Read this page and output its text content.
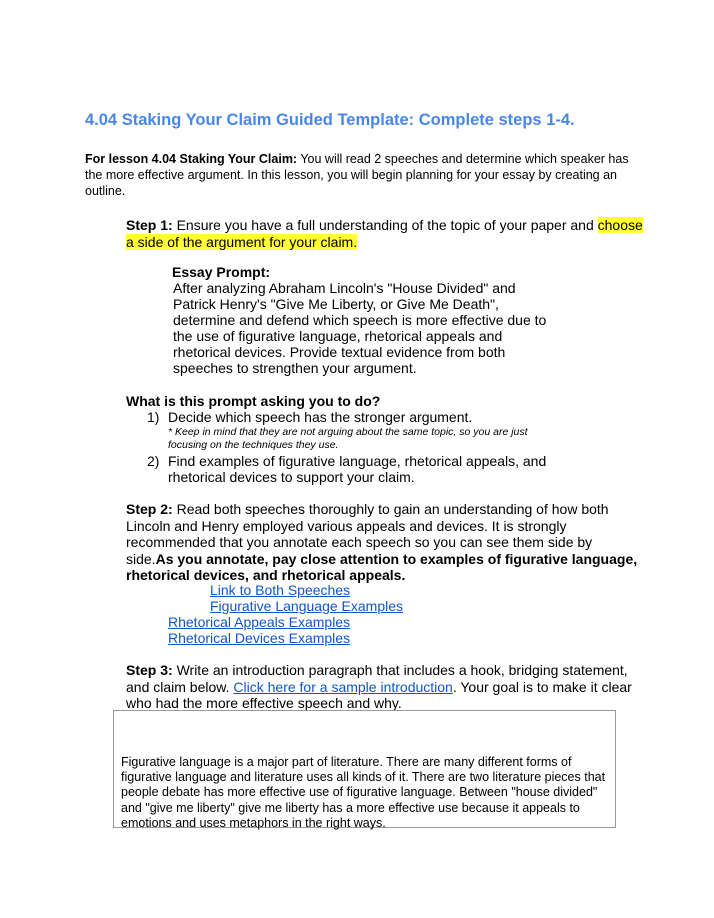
4.04 Staking Your Claim Guided Template: Complete steps 1-4.
For lesson 4.04 Staking Your Claim: You will read 2 speeches and determine which speaker has the more effective argument. In this lesson, you will begin planning for your essay by creating an outline.
Step 1: Ensure you have a full understanding of the topic of your paper and choose a side of the argument for your claim.
Essay Prompt:
After analyzing Abraham Lincoln's "House Divided" and
Patrick Henry's "Give Me Liberty, or Give Me Death",
determine and defend which speech is more effective due to
the use of figurative language, rhetorical appeals and
rhetorical devices. Provide textual evidence from both
speeches to strengthen your argument.
What is this prompt asking you to do?
1) Decide which speech has the stronger argument.
* Keep in mind that they are not arguing about the same topic, so you are just focusing on the techniques they use.
2) Find examples of figurative language, rhetorical appeals, and rhetorical devices to support your claim.
Step 2: Read both speeches thoroughly to gain an understanding of how both Lincoln and Henry employed various appeals and devices. It is strongly recommended that you annotate each speech so you can see them side by side.As you annotate, pay close attention to examples of figurative language, rhetorical devices, and rhetorical appeals.
Link to Both Speeches
Figurative Language Examples
Rhetorical Appeals Examples
Rhetorical Devices Examples
Step 3: Write an introduction paragraph that includes a hook, bridging statement, and claim below. Click here for a sample introduction. Your goal is to make it clear who had the more effective speech and why.
Figurative language is a major part of literature. There are many different forms of figurative language and literature uses all kinds of it. There are two literature pieces that people debate has more effective use of figurative language. Between "house divided" and "give me liberty" give me liberty has a more effective use because it appeals to emotions and uses metaphors in the right ways.
